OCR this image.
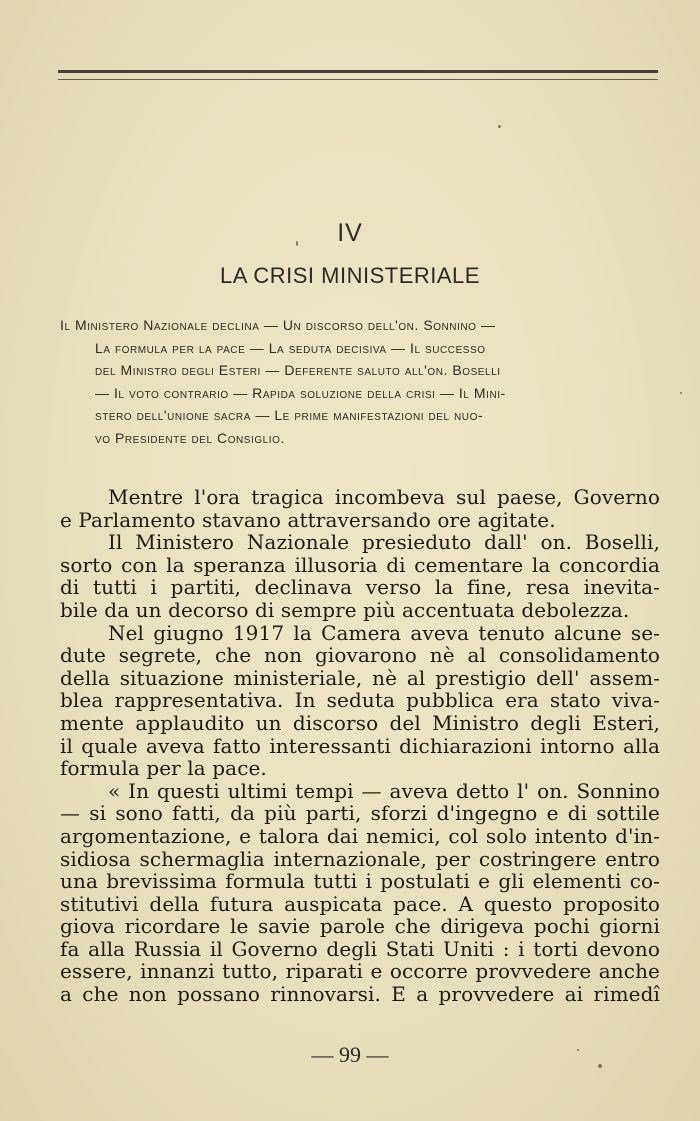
IV
LA CRISI MINISTERIALE
Il Ministero Nazionale declina — Un discorso dell'on. Sonnino —
La formula per la pace — La seduta decisiva — Il successo
del Ministro degli Esteri — Deferente saluto all'on. Boselli
— Il voto contrario — Rapida soluzione della crisi — Il Mini-
stero dell'unione sacra — Le prime manifestazioni del nuo-
vo Presidente del Consiglio.
Mentre l'ora tragica incombeva sul paese, Governo
e Parlamento stavano attraversando ore agitate.
Il Ministero Nazionale presieduto dall' on. Boselli,
sorto con la speranza illusoria di cementare la concordia
di tutti i partiti, declinava verso la fine, resa inevita-
bile da un decorso di sempre più accentuata debolezza.
Nel giugno 1917 la Camera aveva tenuto alcune se-
dute segrete, che non giovarono nè al consolidamento
della situazione ministeriale, nè al prestigio dell' assem-
blea rappresentativa. In seduta pubblica era stato viva-
mente applaudito un discorso del Ministro degli Esteri,
il quale aveva fatto interessanti dichiarazioni intorno alla
formula per la pace.
« In questi ultimi tempi — aveva detto l' on. Sonnino
— si sono fatti, da più parti, sforzi d'ingegno e di sottile
argomentazione, e talora dai nemici, col solo intento d'in-
sidiosa schermaglia internazionale, per costringere entro
una brevissima formula tutti i postulati e gli elementi co-
stitutivi della futura auspicata pace. A questo proposito
giova ricordare le savie parole che dirigeva pochi giorni
fa alla Russia il Governo degli Stati Uniti : i torti devono
essere, innanzi tutto, riparati e occorre provvedere anche
a che non possano rinnovarsi. E a provvedere ai rimedî
— 99 —
